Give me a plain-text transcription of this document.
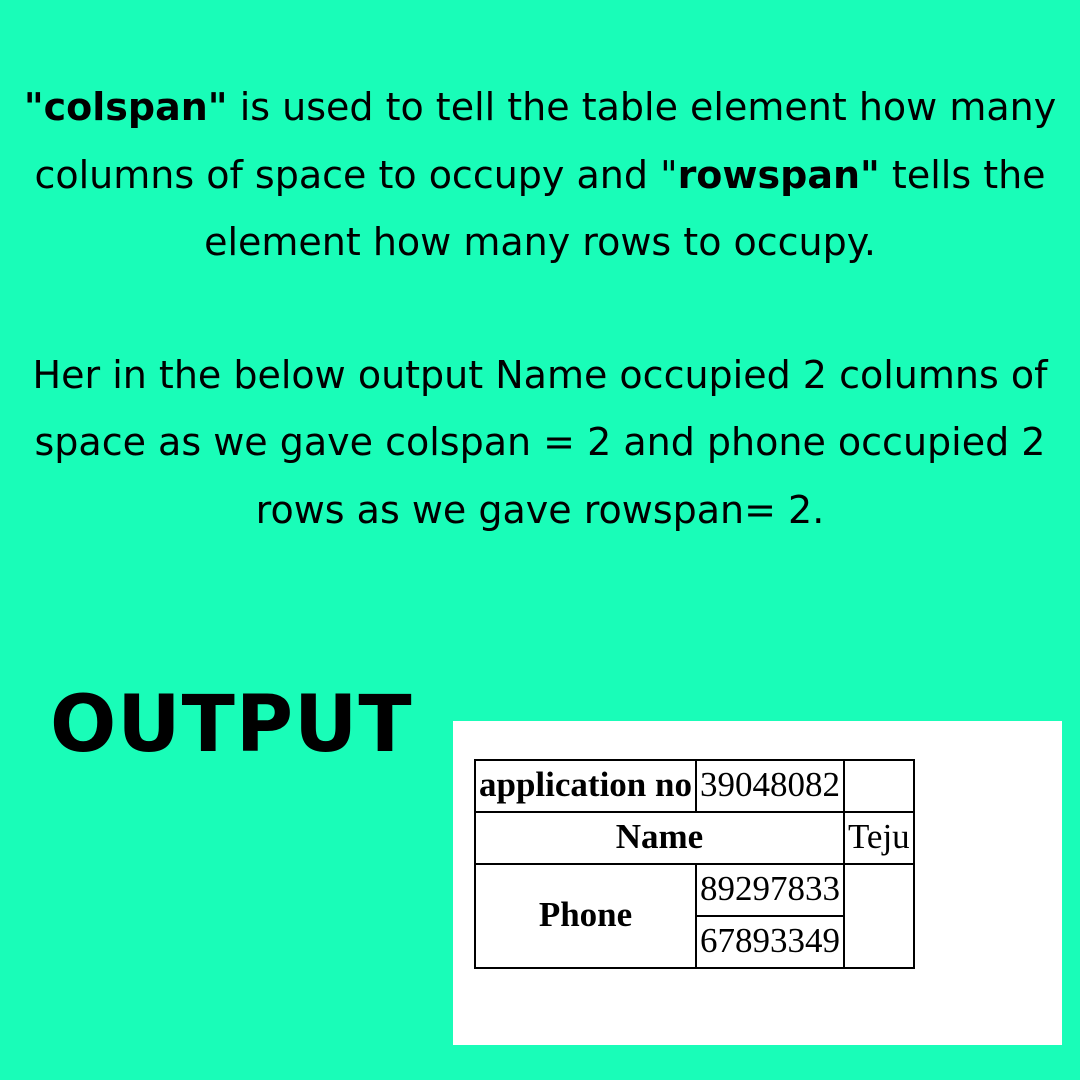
"colspan" is used to tell the table element how many columns of space to occupy and "rowspan" tells the element how many rows to occupy.

Her in the below output Name occupied 2 columns of space as we gave colspan = 2 and phone occupied 2 rows as we gave rowspan= 2.

OUTPUT
application no	39048082	
Name		Teju
Phone	89297833	
	67893349	
